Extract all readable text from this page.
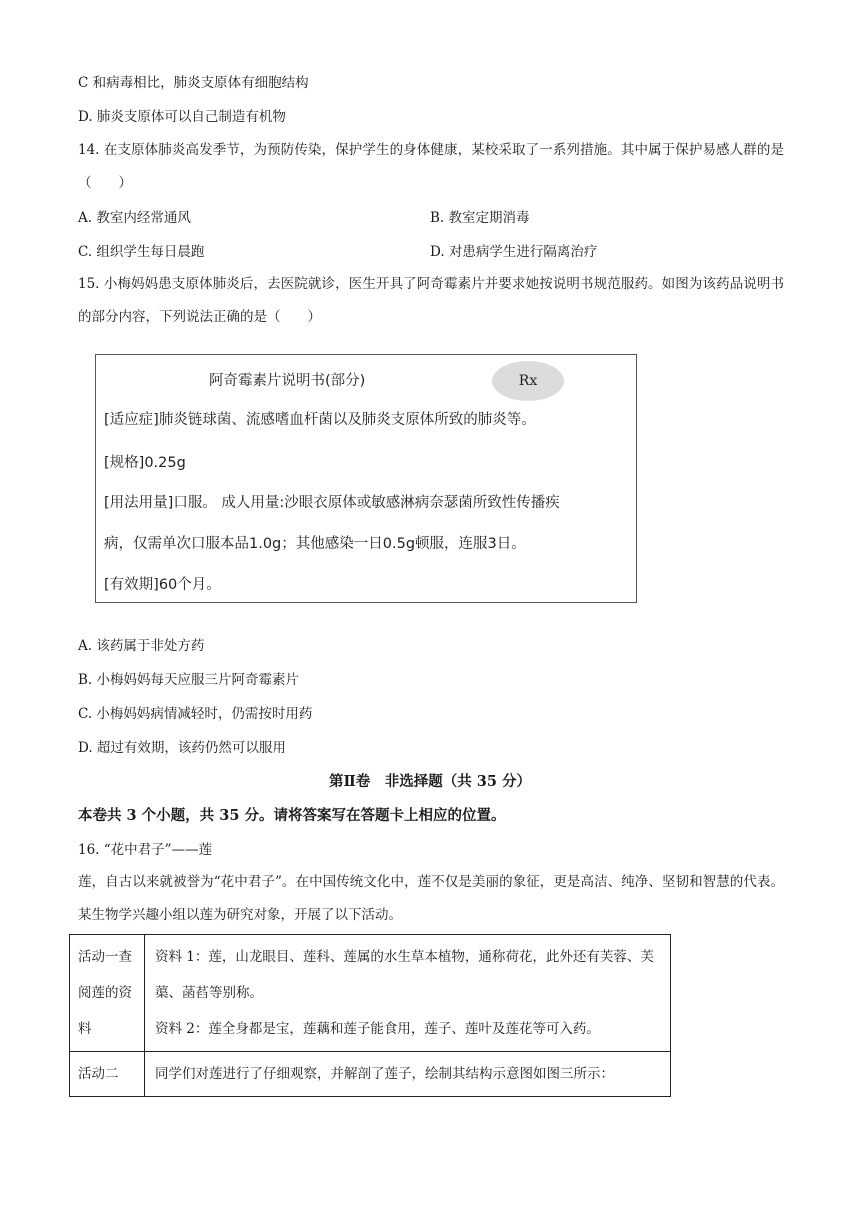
C 和病毒相比，肺炎支原体有细胞结构
D. 肺炎支原体可以自己制造有机物
14. 在支原体肺炎高发季节，为预防传染，保护学生的身体健康，某校采取了一系列措施。其中属于保护易感人群的是（　　）
A. 教室内经常通风	B. 教室定期消毒
C. 组织学生每日晨跑	D. 对患病学生进行隔离治疗
15. 小梅妈妈患支原体肺炎后，去医院就诊，医生开具了阿奇霉素片并要求她按说明书规范服药。如图为该药品说明书的部分内容，下列说法正确的是（　　）
阿奇霉素片说明书(部分)	Rx
[适应症]肺炎链球菌、流感嗜血杆菌以及肺炎支原体所致的肺炎等。
[规格]0.25g
[用法用量]口服。 成人用量:沙眼衣原体或敏感淋病奈瑟菌所致性传播疾
病，仅需单次口服本品1.0g；其他感染一日0.5g顿服，连服3日。
[有效期]60个月。
A. 该药属于非处方药
B. 小梅妈妈每天应服三片阿奇霉素片
C. 小梅妈妈病情减轻时，仍需按时用药
D. 超过有效期，该药仍然可以服用
第Ⅱ卷　非选择题（共 35 分）
本卷共 3 个小题，共 35 分。请将答案写在答题卡上相应的位置。
16. “花中君子”——莲
莲，自古以来就被誉为“花中君子”。在中国传统文化中，莲不仅是美丽的象征，更是高洁、纯净、坚韧和智慧的代表。某生物学兴趣小组以莲为研究对象，开展了以下活动。
活动一查阅莲的资料	资料 1：莲，山龙眼目、莲科、莲属的水生草本植物，通称荷花，此外还有芙蓉、芙蕖、菡萏等别称。
资料 2：莲全身都是宝，莲藕和莲子能食用，莲子、莲叶及莲花等可入药。

活动二	同学们对莲进行了仔细观察，并解剖了莲子，绘制其结构示意图如图三所示：
